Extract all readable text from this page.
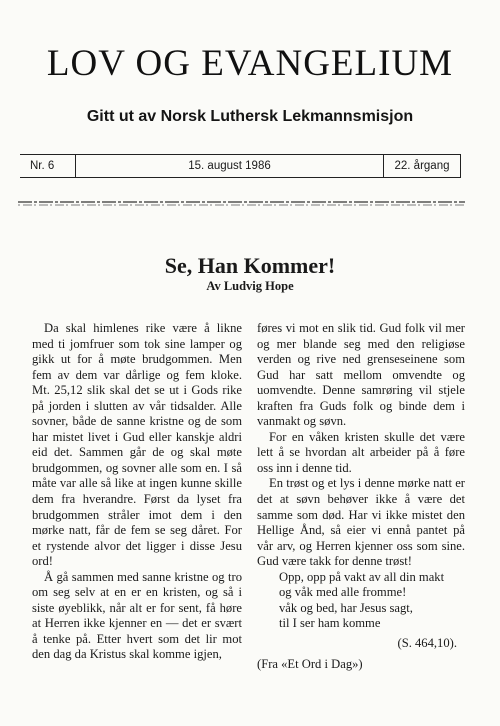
LOV OG EVANGELIUM
Gitt ut av Norsk Luthersk Lekmannsmisjon
Nr. 6	15. august 1986	22. årgang
Se, Han Kommer!
Av Ludvig Hope

Da skal himlenes rike være å likne med ti jomfruer som tok sine lamper og gikk ut for å møte brudgommen. Men fem av dem var dårlige og fem kloke. Mt. 25,12 slik skal det se ut i Gods rike på jorden i slutten av vår tidsalder. Alle sovner, både de sanne kristne og de som har mistet livet i Gud eller kanskje aldri eid det. Sammen går de og skal møte brudgommen, og sovner alle som en. I så måte var alle så like at ingen kunne skille dem fra hverandre. Først da lyset fra brudgommen stråler imot dem i den mørke natt, får de fem se seg dåret. For et rystende alvor det ligger i disse Jesu ord!

Å gå sammen med sanne kristne og tro om seg selv at en er en kristen, og så i siste øyeblikk, når alt er for sent, få høre at Herren ikke kjenner en — det er svært å tenke på. Etter hvert som det lir mot den dag da Kristus skal komme igjen,

føres vi mot en slik tid. Gud folk vil mer og mer blande seg med den religiøse verden og rive ned grenseseinene som Gud har satt mellom omvendte og uomvendte. Denne samrøring vil stjele kraften fra Guds folk og binde dem i vanmakt og søvn.

For en våken kristen skulle det være lett å se hvordan alt arbeider på å føre oss inn i denne tid.

En trøst og et lys i denne mørke natt er det at søvn behøver ikke å være det samme som død. Har vi ikke mistet den Hellige Ånd, så eier vi ennå pantet på vår arv, og Herren kjenner oss som sine. Gud være takk for denne trøst!

Opp, opp på vakt av all din makt
og våk med alle fromme!
våk og bed, har Jesus sagt,
til I ser ham komme
(S. 464,10).
(Fra «Et Ord i Dag»)
